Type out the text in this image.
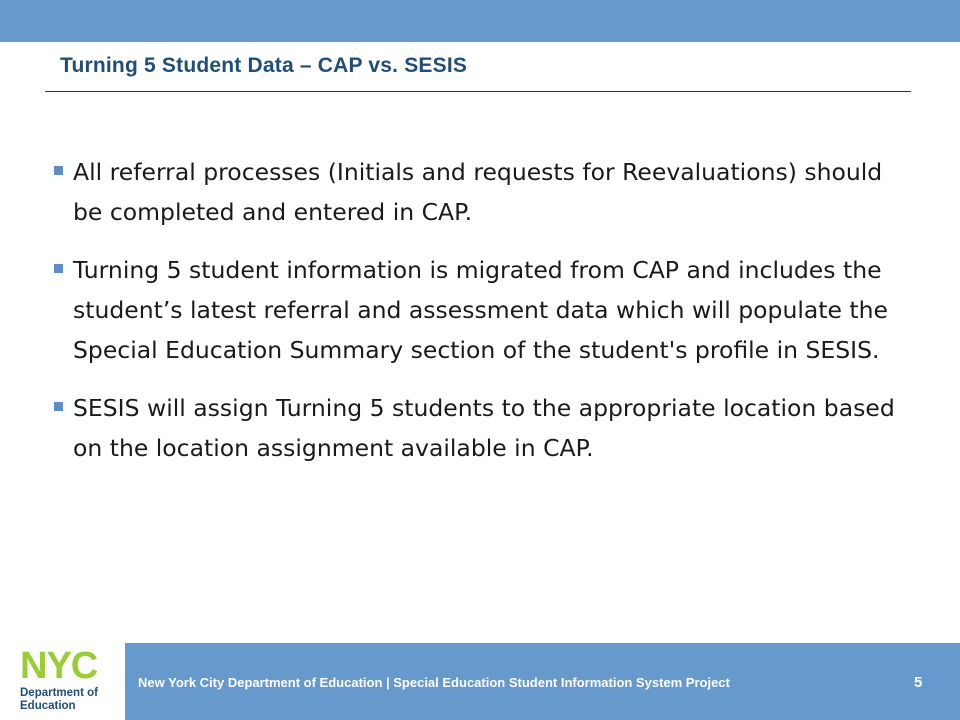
Turning 5 Student Data – CAP vs. SESIS
All referral processes (Initials and requests for Reevaluations) should be completed and entered in CAP.
Turning 5 student information is migrated from CAP and includes the student’s latest referral and assessment data which will populate the Special Education Summary section of the student's profile in SESIS.
SESIS will assign Turning 5 students to the appropriate location based on the location assignment available in CAP.
NYC
Department of
Education
New York City Department of Education | Special Education Student Information System Project	5
